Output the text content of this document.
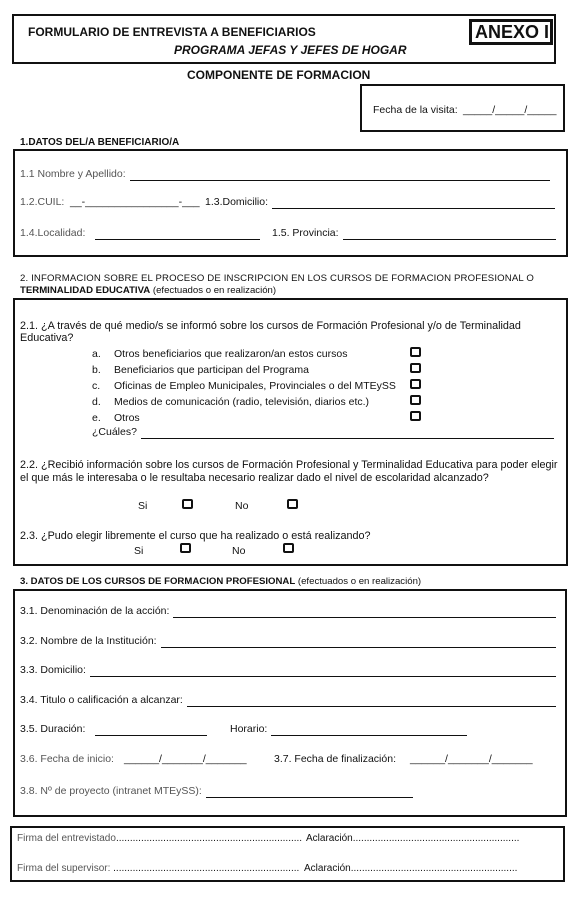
FORMULARIO DE ENTREVISTA A BENEFICIARIOS
PROGRAMA JEFAS Y JEFES DE HOGAR
ANEXO II
COMPONENTE DE FORMACION
Fecha de la visita: _____/_____/_____
1.DATOS DEL/A BENEFICIARIO/A
1.1 Nombre y Apellido:
1.2.CUIL: __-________________-___ 1.3.Domicilio:
1.4.Localidad:	1.5. Provincia:
2. INFORMACION SOBRE EL PROCESO DE INSCRIPCION EN LOS CURSOS DE FORMACION PROFESIONAL O
TERMINALIDAD EDUCATIVA (efectuados o en realización)
2.1. ¿A través de qué medio/s se informó sobre los cursos de Formación Profesional y/o de Terminalidad
Educativa?
a. Otros beneficiarios que realizaron/an estos cursos
b. Beneficiarios que participan del Programa
c. Oficinas de Empleo Municipales, Provinciales o del MTEySS
d. Medios de comunicación (radio, televisión, diarios etc.)
e. Otros
¿Cuáles?
2.2. ¿Recibió información sobre los cursos de Formación Profesional y Terminalidad Educativa para poder elegir
el que más le interesaba o le resultaba necesario realizar dado el nivel de escolaridad alcanzado?
Si	No
2.3. ¿Pudo elegir libremente el curso que ha realizado o está realizando?
Si	No
3. DATOS DE LOS CURSOS DE FORMACION PROFESIONAL (efectuados o en realización)
3.1. Denominación de la acción:
3.2. Nombre de la Institución:
3.3. Domicilio:
3.4. Titulo o calificación a alcanzar:
3.5. Duración:	Horario:
3.6. Fecha de inicio: ______/_______/_______	3.7. Fecha de finalización: ______/_______/_______
3.8. Nº de proyecto (intranet MTEySS):
Firma del entrevistado................................................................... Aclaración............................................................
Firma del supervisor: ................................................................... Aclaración............................................................
